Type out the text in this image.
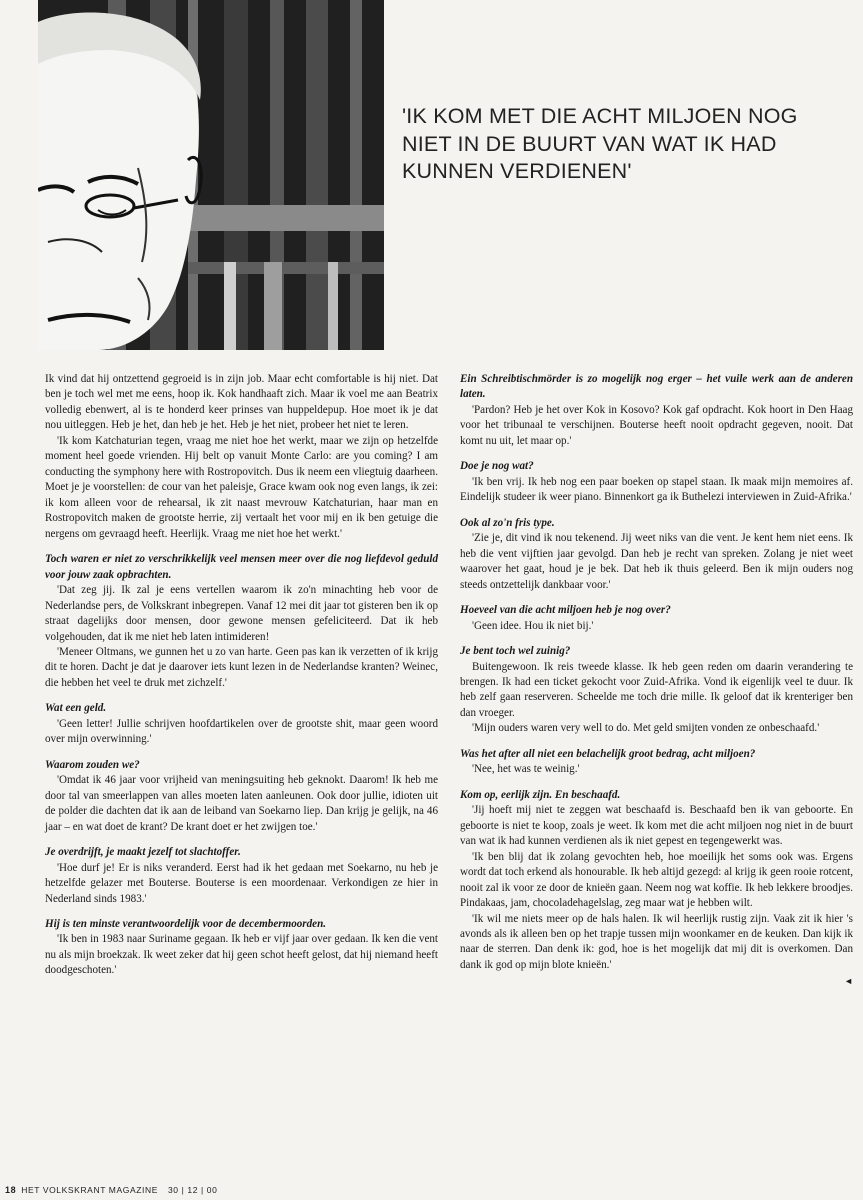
'IK KOM MET DIE ACHT MILJOEN NOG NIET IN DE BUURT VAN WAT IK HAD KUNNEN VERDIENEN'

Ik vind dat hij ontzettend gegroeid is in zijn job. Maar echt comfortable is hij niet. Dat ben je toch wel met me eens, hoop ik. Kok handhaaft zich. Maar ik voel me aan Beatrix volledig ebenwert, al is te honderd keer prinses van huppeldepup. Hoe moet ik je dat nou uitleggen. Heb je het, dan heb je het. Heb je het niet, probeer het niet te leren.

'Ik kom Katchaturian tegen, vraag me niet hoe het werkt, maar we zijn op hetzelfde moment heel goede vrienden. Hij belt op vanuit Monte Carlo: are you coming? I am conducting the symphony here with Rostropovitch. Dus ik neem een vliegtuig daarheen. Moet je je voorstellen: de cour van het paleisje, Grace kwam ook nog even langs, ik zei: ik kom alleen voor de rehearsal, ik zit naast mevrouw Katchaturian, haar man en Rostropovitch maken de grootste herrie, zij vertaalt het voor mij en ik ben getuige die nergens om gevraagd heeft. Heerlijk. Vraag me niet hoe het werkt.'

Toch waren er niet zo verschrikkelijk veel mensen meer over die nog liefdevol geduld voor jouw zaak opbrachten.

'Dat zeg jij. Ik zal je eens vertellen waarom ik zo'n minachting heb voor de Nederlandse pers, de Volkskrant inbegrepen. Vanaf 12 mei dit jaar tot gisteren ben ik op straat dagelijks door mensen, door gewone mensen gefeliciteerd. Dat ik heb volgehouden, dat ik me niet heb laten intimideren!

'Meneer Oltmans, we gunnen het u zo van harte. Geen pas kan ik verzetten of ik krijg dit te horen. Dacht je dat je daarover iets kunt lezen in de Nederlandse kranten? Weinec, die hebben het veel te druk met zichzelf.'

Wat een geld.

'Geen letter! Jullie schrijven hoofdartikelen over de grootste shit, maar geen woord over mijn overwinning.'

Waarom zouden we?

'Omdat ik 46 jaar voor vrijheid van meningsuiting heb geknokt. Daarom! Ik heb me door tal van smeerlappen van alles moeten laten aanleunen. Ook door jullie, idioten uit de polder die dachten dat ik aan de leiband van Soekarno liep. Dan krijg je gelijk, na 46 jaar – en wat doet de krant? De krant doet er het zwijgen toe.'

Je overdrijft, je maakt jezelf tot slachtoffer.

'Hoe durf je! Er is niks veranderd. Eerst had ik het gedaan met Soekarno, nu heb je hetzelfde gelazer met Bouterse. Bouterse is een moordenaar. Verkondigen ze hier in Nederland sinds 1983.'

Hij is ten minste verantwoordelijk voor de decembermoorden.

'Ik ben in 1983 naar Suriname gegaan. Ik heb er vijf jaar over gedaan. Ik ken die vent nu als mijn broekzak. Ik weet zeker dat hij geen schot heeft gelost, dat hij niemand heeft doodgeschoten.'

Ein Schreibtischmörder is zo mogelijk nog erger – het vuile werk aan de anderen laten.

'Pardon? Heb je het over Kok in Kosovo? Kok gaf opdracht. Kok hoort in Den Haag voor het tribunaal te verschijnen. Bouterse heeft nooit opdracht gegeven, nooit. Dat komt nu uit, let maar op.'

Doe je nog wat?

'Ik ben vrij. Ik heb nog een paar boeken op stapel staan. Ik maak mijn memoires af. Eindelijk studeer ik weer piano. Binnenkort ga ik Buthelezi interviewen in Zuid-Afrika.'

Ook al zo'n fris type.

'Zie je, dit vind ik nou tekenend. Jij weet niks van die vent. Je kent hem niet eens. Ik heb die vent vijftien jaar gevolgd. Dan heb je recht van spreken. Zolang je niet weet waarover het gaat, houd je je bek. Dat heb ik thuis geleerd. Ben ik mijn ouders nog steeds ontzettelijk dankbaar voor.'

Hoeveel van die acht miljoen heb je nog over?

'Geen idee. Hou ik niet bij.'

Je bent toch wel zuinig?

Buitengewoon. Ik reis tweede klasse. Ik heb geen reden om daarin verandering te brengen. Ik had een ticket gekocht voor Zuid-Afrika. Vond ik eigenlijk veel te duur. Ik heb zelf gaan reserveren. Scheelde me toch drie mille. Ik geloof dat ik krenteriger ben dan vroeger.

'Mijn ouders waren very well to do. Met geld smijten vonden ze onbeschaafd.'

Was het after all niet een belachelijk groot bedrag, acht miljoen?

'Nee, het was te weinig.'

Kom op, eerlijk zijn. En beschaafd.

'Jij hoeft mij niet te zeggen wat beschaafd is. Beschaafd ben ik van geboorte. En geboorte is niet te koop, zoals je weet. Ik kom met die acht miljoen nog niet in de buurt van wat ik had kunnen verdienen als ik niet gepest en tegengewerkt was.

'Ik ben blij dat ik zolang gevochten heb, hoe moeilijk het soms ook was. Ergens wordt dat toch erkend als honourable. Ik heb altijd gezegd: al krijg ik geen rooie rotcent, nooit zal ik voor ze door de knieën gaan. Neem nog wat koffie. Ik heb lekkere broodjes. Pindakaas, jam, chocoladehagelslag, zeg maar wat je hebben wilt.

'Ik wil me niets meer op de hals halen. Ik wil heerlijk rustig zijn. Vaak zit ik hier 's avonds als ik alleen ben op het trapje tussen mijn woonkamer en de keuken. Dan kijk ik naar de sterren. Dan denk ik: god, hoe is het mogelijk dat mij dit is overkomen. Dan dank ik god op mijn blote knieën.'

◄
18 HET VOLKSKRANT MAGAZINE 30 | 12 | 00
